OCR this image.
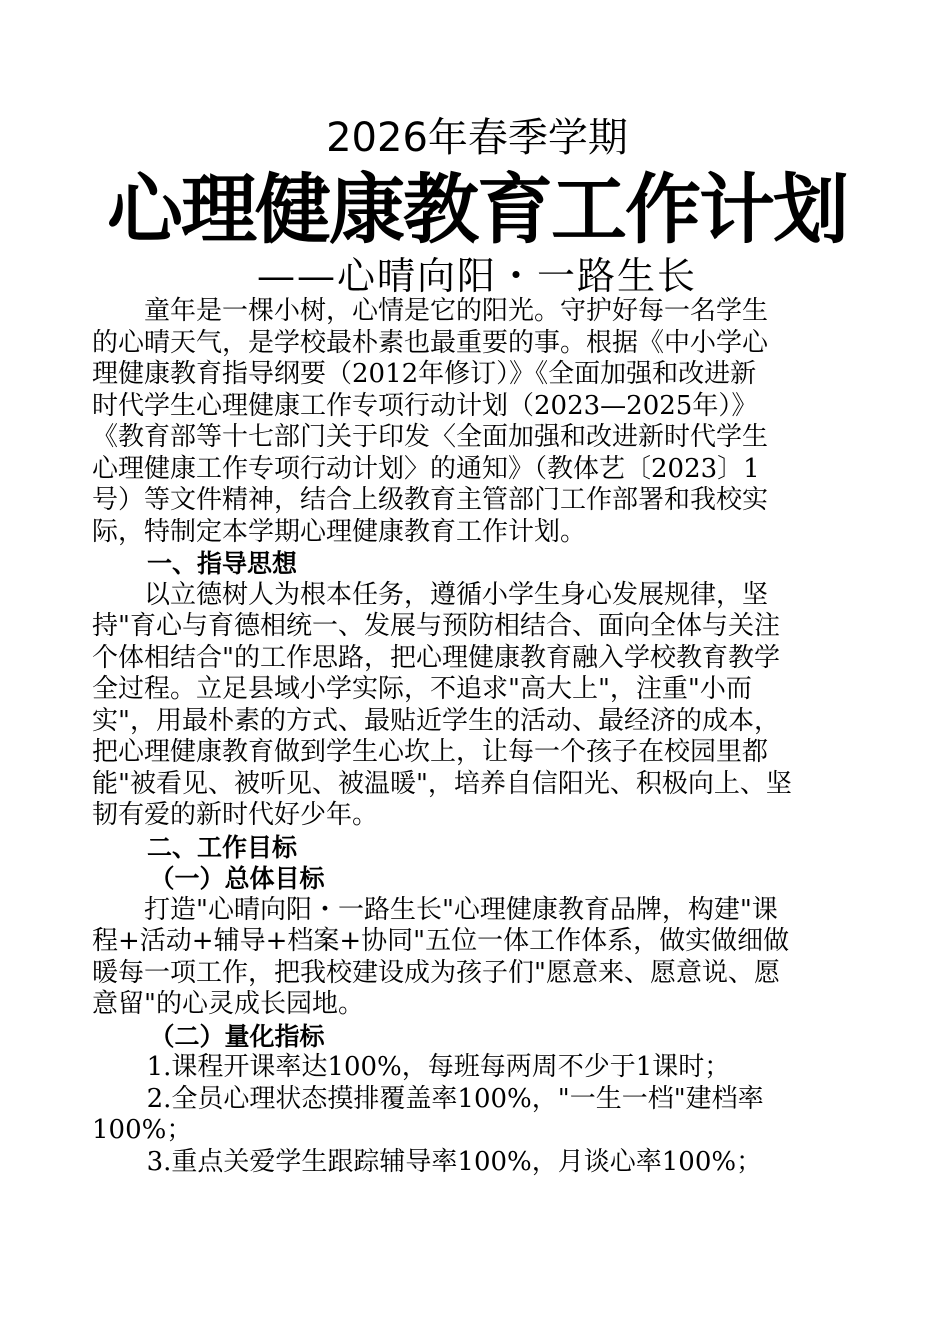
2026年春季学期
心理健康教育工作计划
——心晴向阳・一路生长

童年是一棵小树，心情是它的阳光。守护好每一名学生

的心晴天气，是学校最朴素也最重要的事。根据《中小学心

理健康教育指导纲要（2012年修订）》《全面加强和改进新

时代学生心理健康工作专项行动计划（2023—2025年）》

《教育部等十七部门关于印发〈全面加强和改进新时代学生

心理健康工作专项行动计划〉的通知》（教体艺〔2023〕1

号）等文件精神，结合上级教育主管部门工作部署和我校实

际，特制定本学期心理健康教育工作计划。

一、指导思想

以立德树人为根本任务，遵循小学生身心发展规律，坚

持"育心与育德相统一、发展与预防相结合、面向全体与关注

个体相结合"的工作思路，把心理健康教育融入学校教育教学

全过程。立足县域小学实际，不追求"高大上"，注重"小而

实"，用最朴素的方式、最贴近学生的活动、最经济的成本，

把心理健康教育做到学生心坎上，让每一个孩子在校园里都

能"被看见、被听见、被温暖"，培养自信阳光、积极向上、坚

韧有爱的新时代好少年。

二、工作目标

（一）总体目标

打造"心晴向阳・一路生长"心理健康教育品牌，构建"课

程+活动+辅导+档案+协同"五位一体工作体系，做实做细做

暖每一项工作，把我校建设成为孩子们"愿意来、愿意说、愿

意留"的心灵成长园地。

（二）量化指标

1.课程开课率达100%，每班每两周不少于1课时；

2.全员心理状态摸排覆盖率100%，"一生一档"建档率

100%；

3.重点关爱学生跟踪辅导率100%，月谈心率100%；
